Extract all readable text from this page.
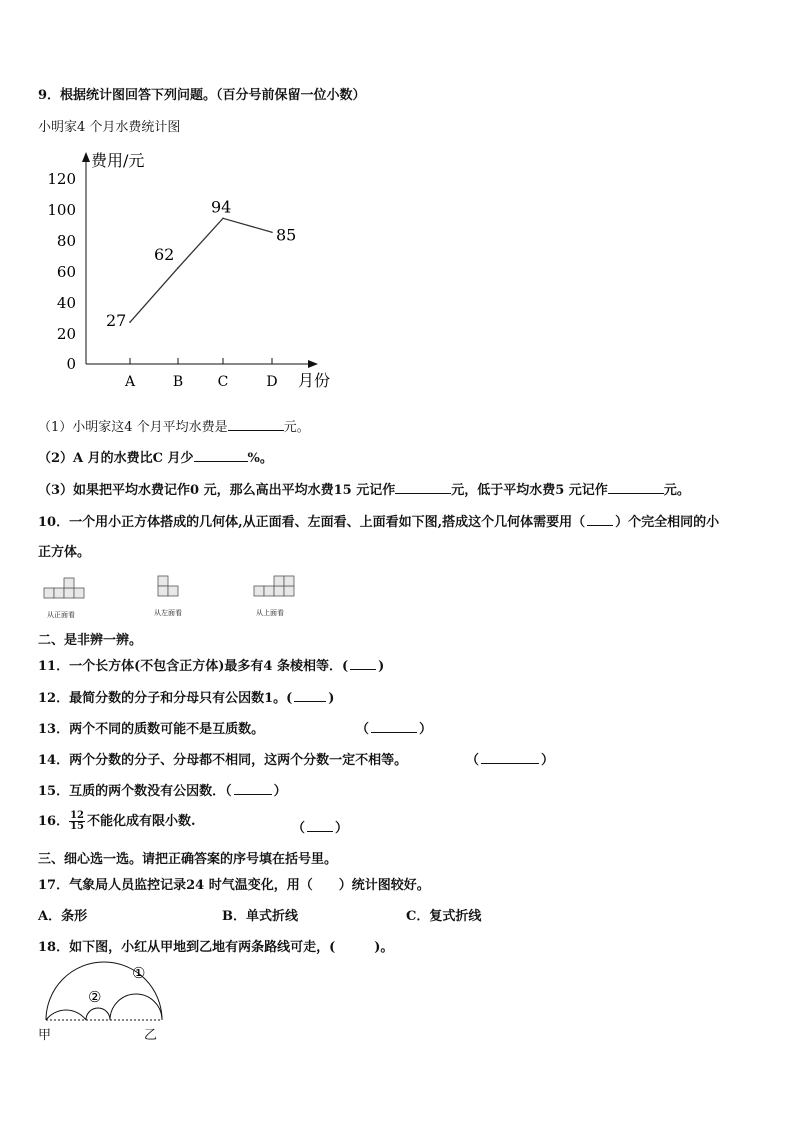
9．根据统计图回答下列问题。（百分号前保留一位小数）
小明家4 个月水费统计图
费用/元
月份
0
20
40
60
80
100
120
A	B C	D
27
62
94
85
（1）小明家这4 个月平均水费是	元。
（2）A 月的水费比C 月少	%。
（3）如果把平均水费记作0 元，那么高出平均水费15 元记作	元，低于平均水费5 元记作	元。
10．一个用小正方体搭成的几何体,从正面看、左面看、上面看如下图,搭成这个几何体需要用（ ）个完全相同的小
正方体。
从正面看	从左面看	从上面看
二、是非辨一辨。
11．一个长方体(不包含正方体)最多有4 条棱相等．( )
12．最简分数的分子和分母只有公因数1。(	)
13．两个不同的质数可能不是互质数。	（	）
14．两个分数的分子、分母都不相同，这两个分数一定不相等。	（	）
15．互质的两个数没有公因数．（	）
16． $\frac{12}{15}$ 不能化成有限小数.	（ ）
三、细心选一选。请把正确答案的序号填在括号里。
17．气象局人员监控记录24 时气温变化，用（　　）统计图较好。
A．条形	B．单式折线	C．复式折线
18．如下图，小红从甲地到乙地有两条路线可走，(　　　)。
①
②
甲	乙
